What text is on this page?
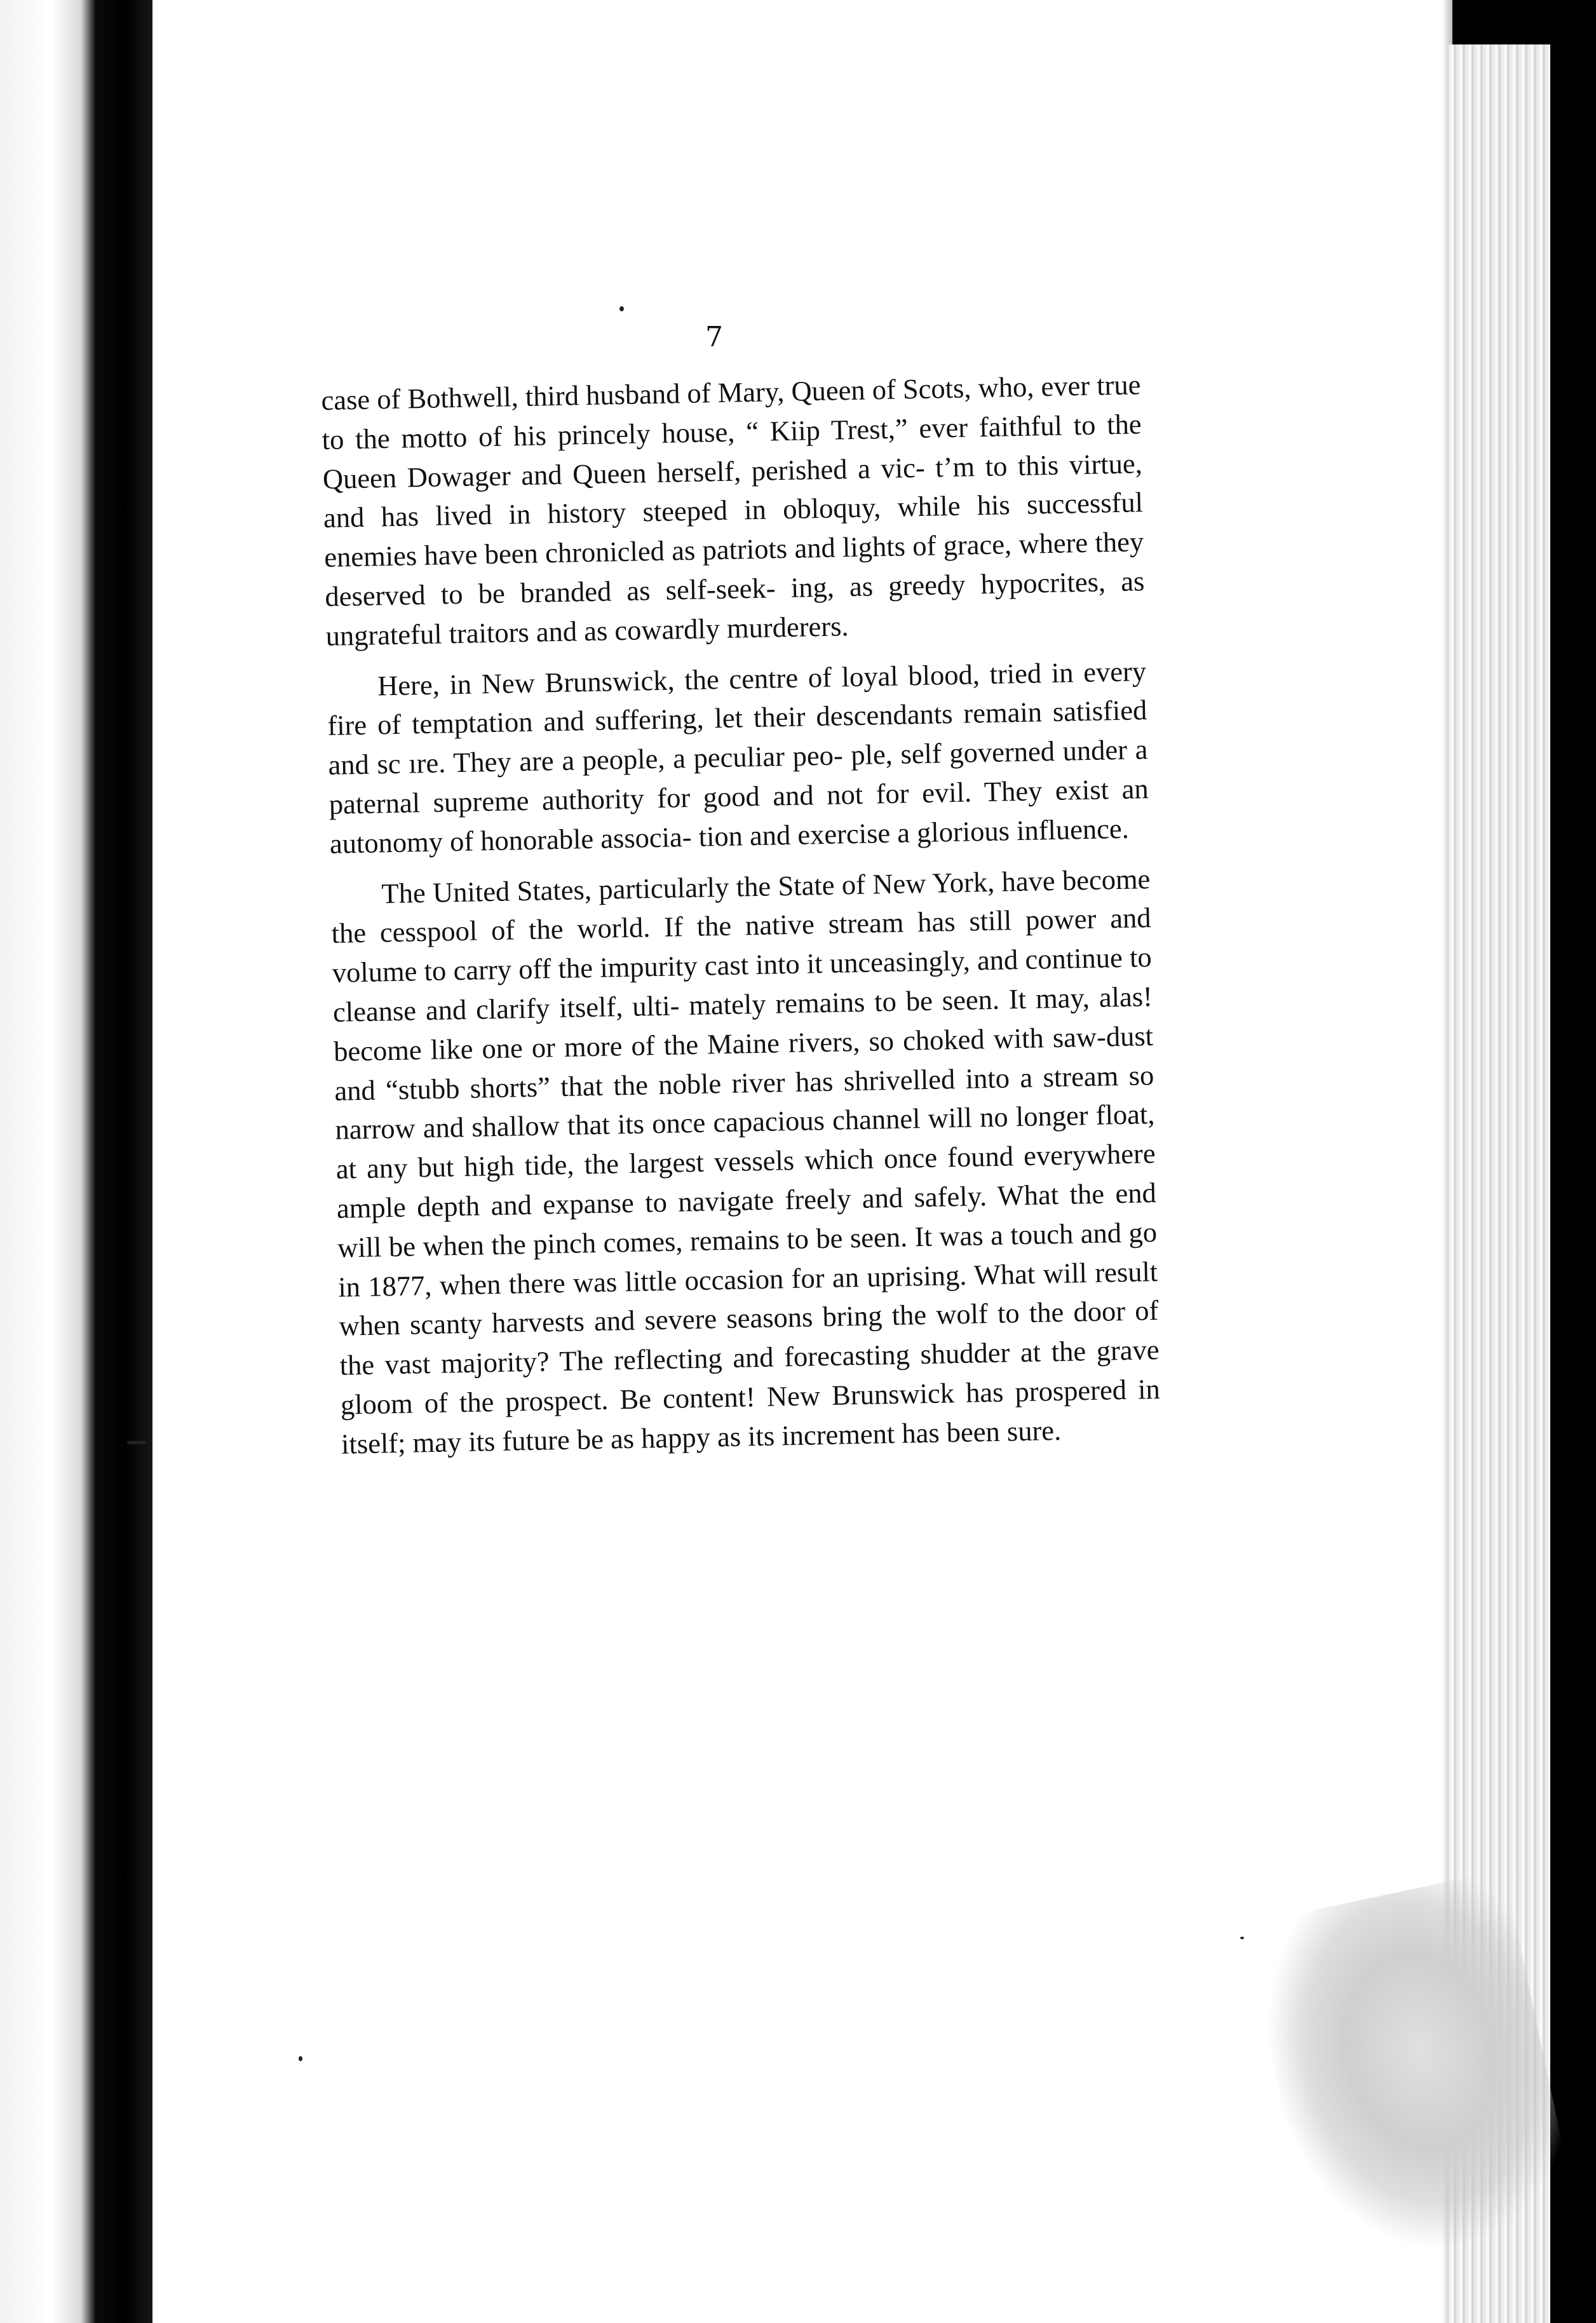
7

case of Bothwell, third husband of Mary, Queen of Scots, who, ever true to the motto of his princely house, “ Kiip Trest,” ever faithful to the Queen Dowager and Queen herself, perished a vic- t’m to this virtue, and has lived in history steeped in obloquy, while his successful enemies have been chronicled as patriots and lights of grace, where they deserved to be branded as self-seek- ing, as greedy hypocrites, as ungrateful traitors and as cowardly murderers.

Here, in New Brunswick, the centre of loyal blood, tried in every fire of temptation and suffering, let their descendants remain satisfied and sc ıre. They are a people, a peculiar peo- ple, self governed under a paternal supreme authority for good and not for evil. They exist an autonomy of honorable associa- tion and exercise a glorious influence.

The United States, particularly the State of New York, have become the cesspool of the world. If the native stream has still power and volume to carry off the impurity cast into it unceasingly, and continue to cleanse and clarify itself, ulti- mately remains to be seen. It may, alas! become like one or more of the Maine rivers, so choked with saw-dust and “stubb shorts” that the noble river has shrivelled into a stream so narrow and shallow that its once capacious channel will no longer float, at any but high tide, the largest vessels which once found everywhere ample depth and expanse to navigate freely and safely. What the end will be when the pinch comes, remains to be seen. It was a touch and go in 1877, when there was little occasion for an uprising. What will result when scanty harvests and severe seasons bring the wolf to the door of the vast majority? The reflecting and forecasting shudder at the grave gloom of the prospect. Be content! New Brunswick has prospered in itself; may its future be as happy as its increment has been sure.
